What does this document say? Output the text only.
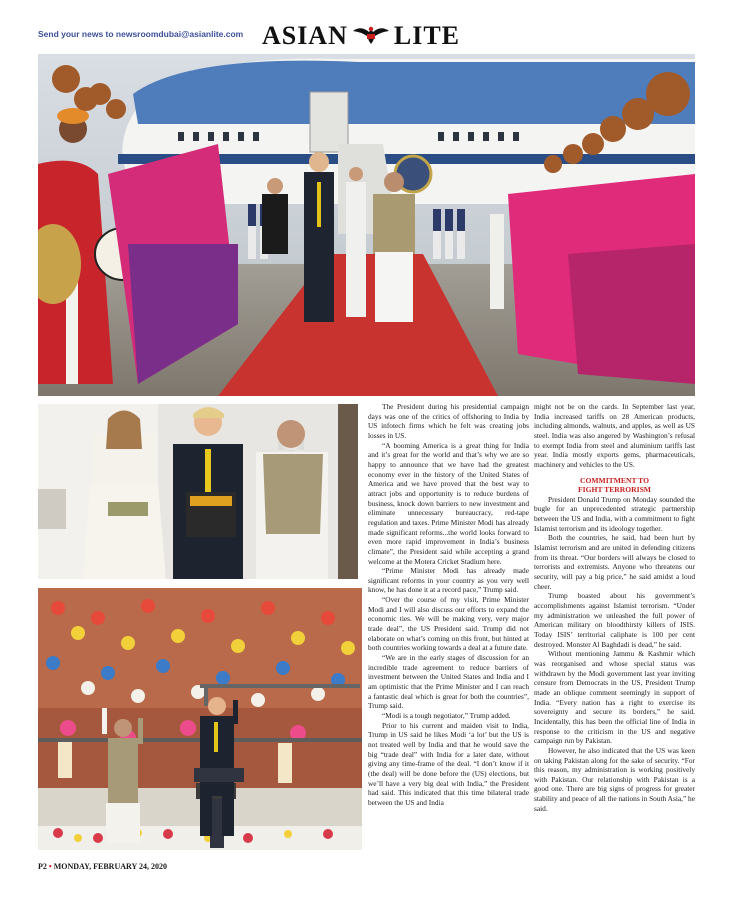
Send your news to newsroomdubai@asianlite.com ASIAN LITE

The President during his presidential campaign days was one of the critics of offshoring to India by US infotech firms which he felt was creating jobs losses in US.

“A booming America is a great thing for India and it’s great for the world and that’s why we are so happy to announce that we have had the greatest economy ever in the history of the United States of America and we have proved that the best way to attract jobs and opportunity is to reduce burdens of business, knock down barriers to new investment and eliminate unnecessary bureaucracy, red-tape regulation and taxes. Prime Minister Modi has already made significant reforms...the world looks forward to even more rapid improvement in India’s business climate”, the President said while accepting a grand welcome at the Motera Cricket Stadium here.

“Prime Minister Modi has already made significant reforms in your country as you very well know, he has done it at a record pace,” Trump said.

“Over the course of my visit, Prime Minister Modi and I will also discuss our efforts to expand the economic ties. We will be making very, very major trade deal”, the US President said. Trump did not elaborate on what’s coming on this front, but hinted at both countries working towards a deal at a future date.

“We are in the early stages of discussion for an incredible trade agreement to reduce barriers of investment between the United States and India and I am optimistic that the Prime Minister and I can reach a fantastic deal which is great for both the countries”, Trump said.

“Modi is a tough negotiator,” Trump added.

Prior to his current and maiden visit to India, Trump in US said he likes Modi ‘a lot’ but the US is not treated well by India and that he would save the big “trade deal” with India for a later date, without giving any time-frame of the deal. “I don’t know if it (the deal) will be done before the (US) elections, but we’ll have a very big deal with India,” the President had said. This indicated that this time bilateral trade between the US and India

might not be on the cards. In September last year, India increased tariffs on 28 American products, including almonds, walnuts, and apples, as well as US steel. India was also angered by Washington’s refusal to exempt India from steel and aluminium tariffs last year. India mostly exports gems, pharmaceuticals, machinery and vehicles to the US.

COMMITMENT TO

FIGHT TERRORISM

President Donald Trump on Monday sounded the bugle for an unprecedented strategic partnership between the US and India, with a commitment to fight Islamist terrorism and its ideology together.

Both the countries, he said, had been hurt by Islamist terrorism and are united in defending citizens from its threat. “Our borders will always be closed to terrorists and extremists. Anyone who threatens our security, will pay a big price,” he said amidst a loud cheer.

Trump boasted about his government’s accomplishments against Islamist terrorism. “Under my administration we unleashed the full power of American military on bloodthirsty killers of ISIS. Today ISIS’ territorial caliphate is 100 per cent destroyed. Monster Al Baghdadi is dead,” he said.

Without mentioning Jammu & Kashmir which was reorganised and whose special status was withdrawn by the Modi government last year inviting censure from Democrats in the US, President Trump made an oblique comment seemingly in support of India. “Every nation has a right to exercise its sovereignty and secure its borders,” he said. Incidentally, this has been the official line of India in response to the criticism in the US and negative campaign run by Pakistan.

However, he also indicated that the US was keen on taking Pakistan along for the sake of security. “For this reason, my administration is working positively with Pakistan. Our relationship with Pakistan is a good one. There are big signs of progress for greater stability and peace of all the nations in South Asia,” he said.

P2 • MONDAY, FEBRUARY 24, 2020
